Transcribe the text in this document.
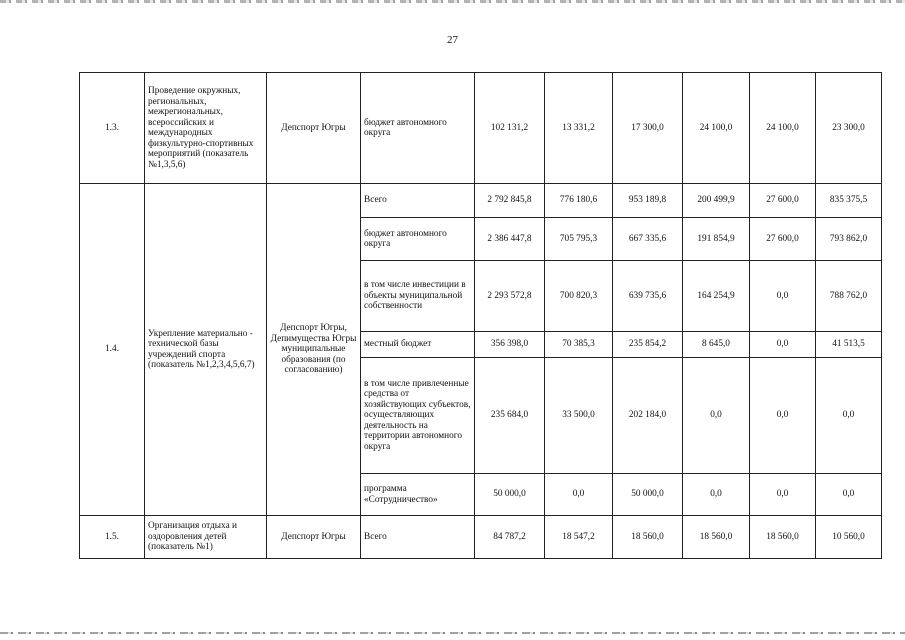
27
1.3.	Проведение окружных, региональных, межрегиональных, всероссийских и международных физкультурно-спортивных мероприятий (показатель №1,3,5,6)	Депспорт Югры	бюджет автономного округа	102 131,2	13 331,2	17 300,0	24 100,0	24 100,0	23 300,0
1.4.	Укрепление материально - технической базы учреждений спорта (показатель №1,2,3,4,5,6,7)	Депспорт Югры, Депимущества Югры муниципальные образования (по согласованию)	Всего	2 792 845,8	776 180,6	953 189,8	200 499,9	27 600,0	835 375,5
			бюджет автономного округа	2 386 447,8	705 795,3	667 335,6	191 854,9	27 600,0	793 862,0
			в том числе инвестиции в объекты муниципальной собственности	2 293 572,8	700 820,3	639 735,6	164 254,9	0,0	788 762,0
			местный бюджет	356 398,0	70 385,3	235 854,2	8 645,0	0,0	41 513,5
			в том числе привлеченные средства от хозяйствующих субъектов, осуществляющих деятельность на территории автономного округа	235 684,0	33 500,0	202 184,0	0,0	0,0	0,0
			программа «Сотрудничество»	50 000,0	0,0	50 000,0	0,0	0,0	0,0
1.5.	Организация отдыха и оздоровления детей (показатель №1)	Депспорт Югры	Всего	84 787,2	18 547,2	18 560,0	18 560,0	18 560,0	10 560,0
